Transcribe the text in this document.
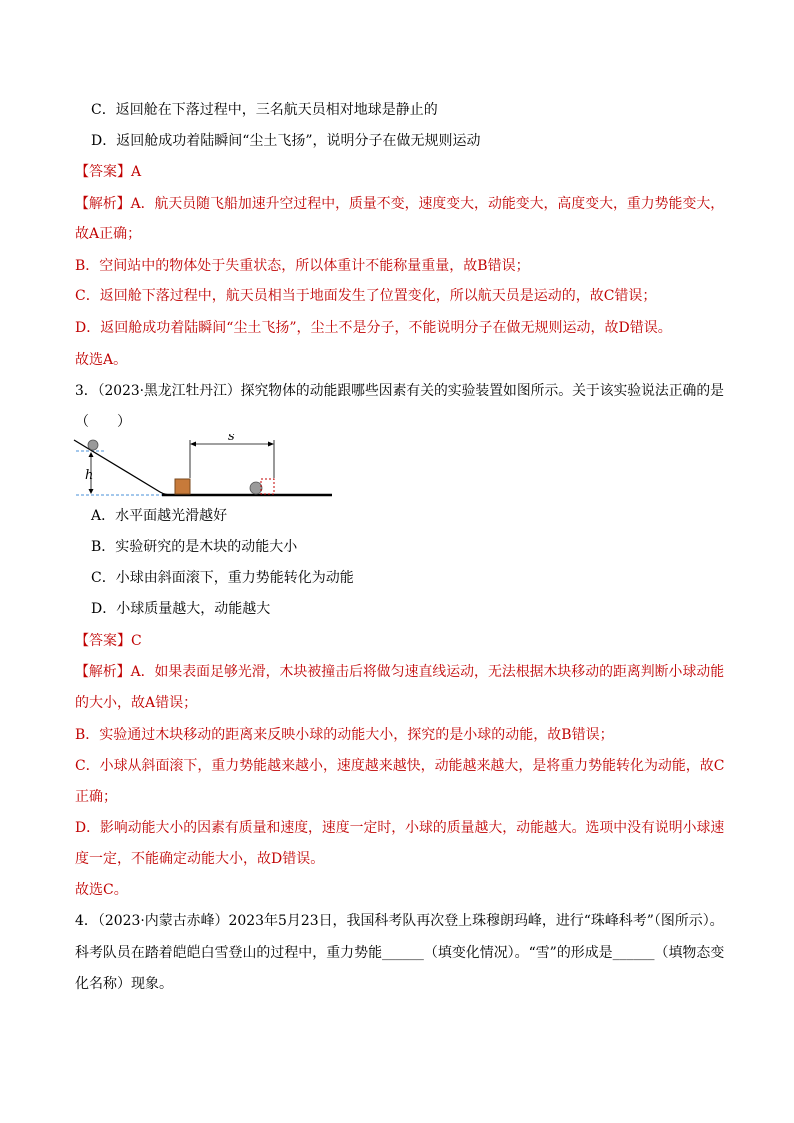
C．返回舱在下落过程中，三名航天员相对地球是静止的
D．返回舱成功着陆瞬间“尘土飞扬”，说明分子在做无规则运动
【答案】A
【解析】A．航天员随飞船加速升空过程中，质量不变，速度变大，动能变大，高度变大，重力势能变大，
故A正确；
B．空间站中的物体处于失重状态，所以体重计不能称量重量，故B错误；
C．返回舱下落过程中，航天员相当于地面发生了位置变化，所以航天员是运动的，故C错误；
D．返回舱成功着陆瞬间“尘土飞扬”，尘土不是分子，不能说明分子在做无规则运动，故D错误。
故选A。
3．（2023·黑龙江牡丹江）探究物体的动能跟哪些因素有关的实验装置如图所示。关于该实验说法正确的是
（　　）
h
s
A．水平面越光滑越好
B．实验研究的是木块的动能大小
C．小球由斜面滚下，重力势能转化为动能
D．小球质量越大，动能越大
【答案】C
【解析】A．如果表面足够光滑，木块被撞击后将做匀速直线运动，无法根据木块移动的距离判断小球动能
的大小，故A错误；
B．实验通过木块移动的距离来反映小球的动能大小，探究的是小球的动能，故B错误；
C．小球从斜面滚下，重力势能越来越小，速度越来越快，动能越来越大，是将重力势能转化为动能，故C
正确；
D．影响动能大小的因素有质量和速度，速度一定时，小球的质量越大，动能越大。选项中没有说明小球速
度一定，不能确定动能大小，故D错误。
故选C。
4．（2023·内蒙古赤峰）2023年5月23日，我国科考队再次登上珠穆朗玛峰，进行“珠峰科考”（图所示）。
科考队员在踏着皑皑白雪登山的过程中，重力势能______（填变化情况）。“雪”的形成是______（填物态变
化名称）现象。
